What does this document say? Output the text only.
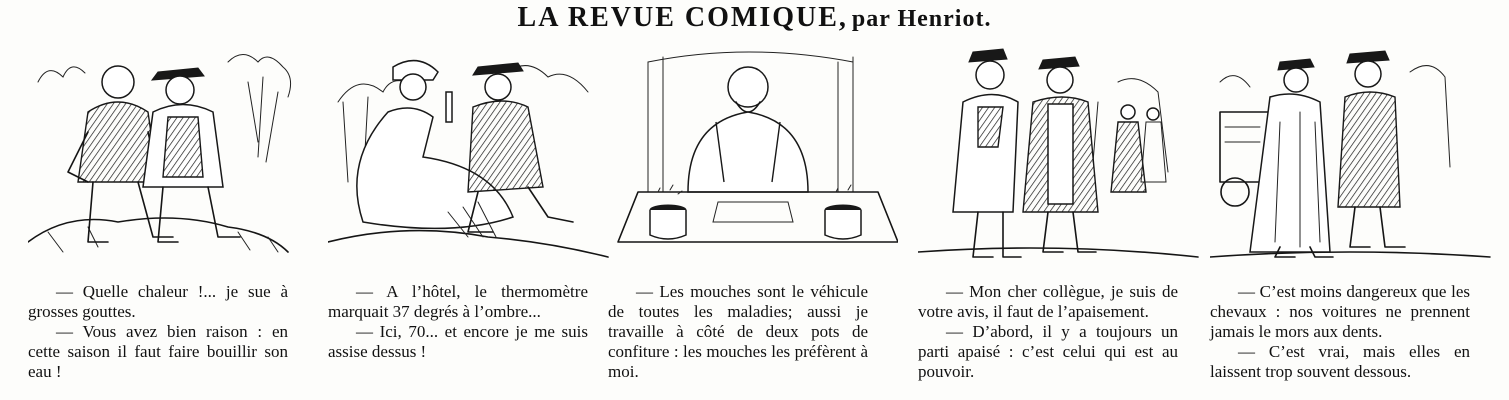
LA REVUE COMIQUE, par Henriot.

— Quelle chaleur !... je sue à grosses gouttes.

— Vous avez bien raison : en cette saison il faut faire bouillir son eau !

— A l’hôtel, le thermomètre marquait 37 degrés à l’ombre...

— Ici, 70... et encore je me suis assise dessus !

— Les mouches sont le véhicule de toutes les maladies; aussi je travaille à côté de deux pots de confiture : les mouches les préfèrent à moi.

— Mon cher collègue, je suis de votre avis, il faut de l’apaisement.

— D’abord, il y a toujours un parti apaisé : c’est celui qui est au pouvoir.

— C’est moins dangereux que les chevaux : nos voitures ne prennent jamais le mors aux dents.

— C’est vrai, mais elles en laissent trop souvent dessous.
